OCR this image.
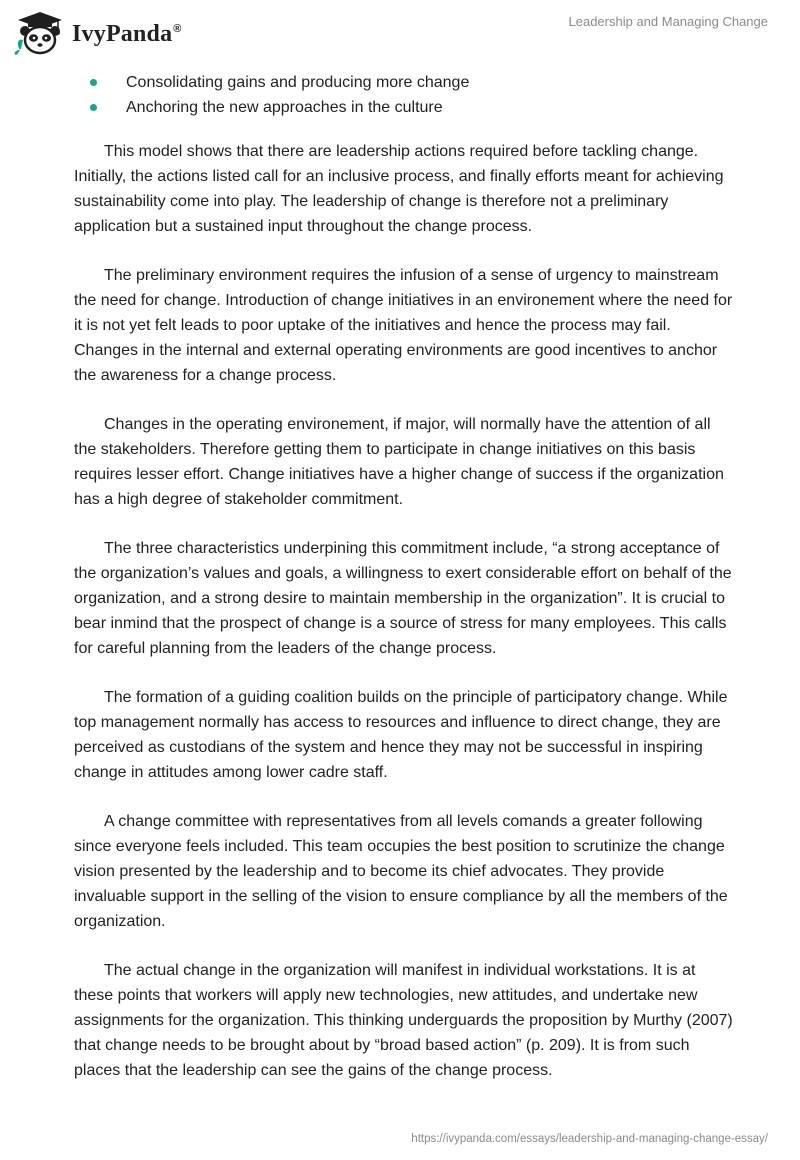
IvyPanda®	Leadership and Managing Change
Consolidating gains and producing more change
Anchoring the new approaches in the culture

This model shows that there are leadership actions required before tackling change. Initially, the actions listed call for an inclusive process, and finally efforts meant for achieving sustainability come into play. The leadership of change is therefore not a preliminary application but a sustained input throughout the change process.

The preliminary environment requires the infusion of a sense of urgency to mainstream the need for change. Introduction of change initiatives in an environement where the need for it is not yet felt leads to poor uptake of the initiatives and hence the process may fail. Changes in the internal and external operating environments are good incentives to anchor the awareness for a change process.

Changes in the operating environement, if major, will normally have the attention of all the stakeholders. Therefore getting them to participate in change initiatives on this basis requires lesser effort. Change initiatives have a higher change of success if the organization has a high degree of stakeholder commitment.

The three characteristics underpining this commitment include, “a strong acceptance of the organization’s values and goals, a willingness to exert considerable effort on behalf of the organization, and a strong desire to maintain membership in the organization”. It is crucial to bear inmind that the prospect of change is a source of stress for many employees. This calls for careful planning from the leaders of the change process.

The formation of a guiding coalition builds on the principle of participatory change. While top management normally has access to resources and influence to direct change, they are perceived as custodians of the system and hence they may not be successful in inspiring change in attitudes among lower cadre staff.

A change committee with representatives from all levels comands a greater following since everyone feels included. This team occupies the best position to scrutinize the change vision presented by the leadership and to become its chief advocates. They provide invaluable support in the selling of the vision to ensure compliance by all the members of the organization.

The actual change in the organization will manifest in individual workstations. It is at these points that workers will apply new technologies, new attitudes, and undertake new assignments for the organization. This thinking underguards the proposition by Murthy (2007) that change needs to be brought about by “broad based action” (p. 209). It is from such places that the leadership can see the gains of the change process.

https://ivypanda.com/essays/leadership-and-managing-change-essay/
